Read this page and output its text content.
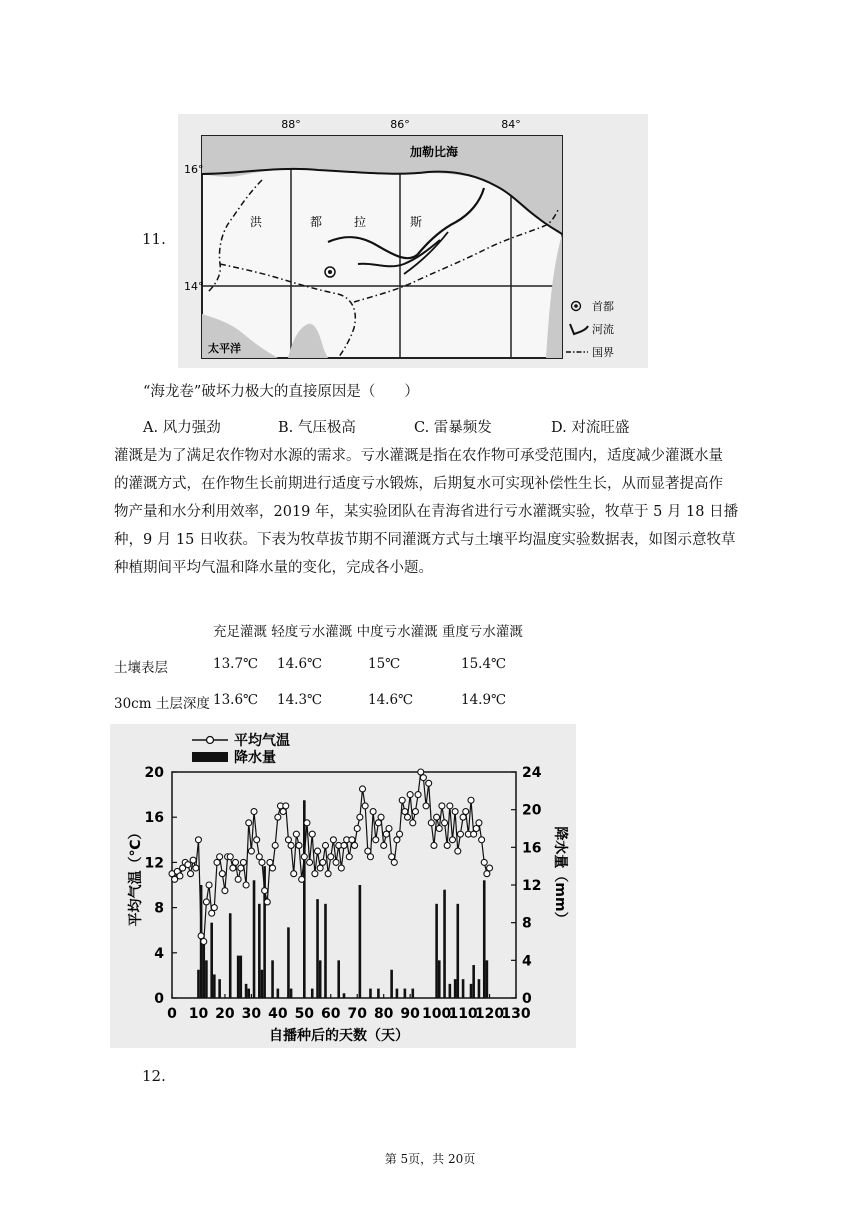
11.
88°	86°	84°
16°
14°
加勒比海
太平洋
洪	都	拉	斯
首都
河流
国界
“海龙卷”破坏力极大的直接原因是（　　）
A. 风力强劲	B. 气压极高	C. 雷暴频发	D. 对流旺盛
灌溉是为了满足农作物对水源的需求。亏水灌溉是指在农作物可承受范围内，适度减少灌溉水量
的灌溉方式，在作物生长前期进行适度亏水锻炼，后期复水可实现补偿性生长，从而显著提高作
物产量和水分利用效率，2019 年，某实验团队在青海省进行亏水灌溉实验，牧草于 5 月 18 日播
种，9 月 15 日收获。下表为牧草拔节期不同灌溉方式与土壤平均温度实验数据表，如图示意牧草
种植期间平均气温和降水量的变化，完成各小题。
充足灌溉 轻度亏水灌溉 中度亏水灌溉 重度亏水灌溉
土壤表层	13.7℃ 14.6℃	15℃	15.4℃
30cm 土层深度 13.6℃ 14.3℃	14.6℃	14.9℃
平均气温
降水量
平均气温（℃）	降水量（mm）
自播种后的天数（天）
0
4
8
12
16
20
0
4
8
12
16
20
24
0 10 20 30 40 50 60 70 80 90 100
110
120
130
12.
第 5页，共 20页
